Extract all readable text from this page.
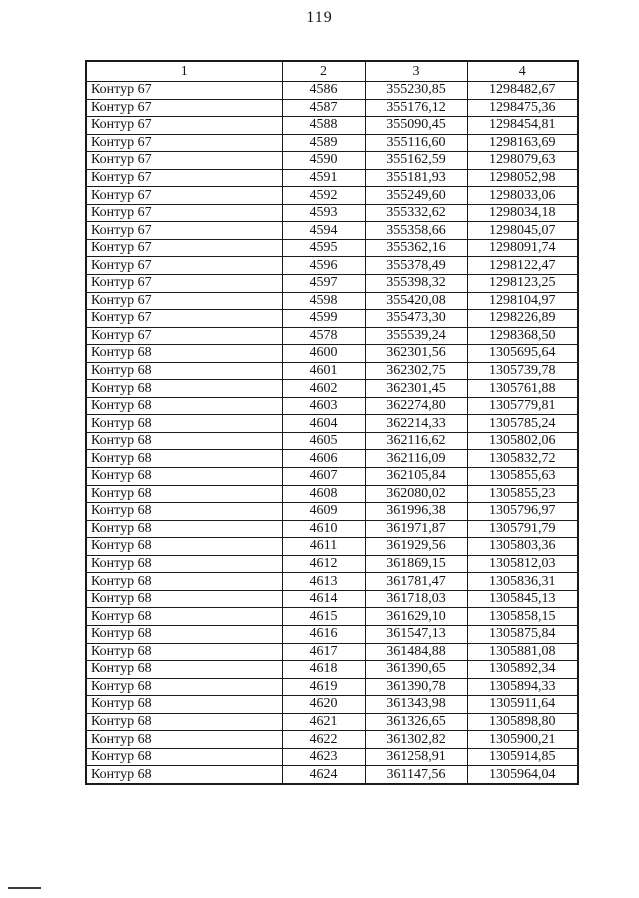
119
1	2	3	4
Контур 67	4586	355230,85	1298482,67
Контур 67	4587	355176,12	1298475,36
Контур 67	4588	355090,45	1298454,81
Контур 67	4589	355116,60	1298163,69
Контур 67	4590	355162,59	1298079,63
Контур 67	4591	355181,93	1298052,98
Контур 67	4592	355249,60	1298033,06
Контур 67	4593	355332,62	1298034,18
Контур 67	4594	355358,66	1298045,07
Контур 67	4595	355362,16	1298091,74
Контур 67	4596	355378,49	1298122,47
Контур 67	4597	355398,32	1298123,25
Контур 67	4598	355420,08	1298104,97
Контур 67	4599	355473,30	1298226,89
Контур 67	4578	355539,24	1298368,50
Контур 68	4600	362301,56	1305695,64
Контур 68	4601	362302,75	1305739,78
Контур 68	4602	362301,45	1305761,88
Контур 68	4603	362274,80	1305779,81
Контур 68	4604	362214,33	1305785,24
Контур 68	4605	362116,62	1305802,06
Контур 68	4606	362116,09	1305832,72
Контур 68	4607	362105,84	1305855,63
Контур 68	4608	362080,02	1305855,23
Контур 68	4609	361996,38	1305796,97
Контур 68	4610	361971,87	1305791,79
Контур 68	4611	361929,56	1305803,36
Контур 68	4612	361869,15	1305812,03
Контур 68	4613	361781,47	1305836,31
Контур 68	4614	361718,03	1305845,13
Контур 68	4615	361629,10	1305858,15
Контур 68	4616	361547,13	1305875,84
Контур 68	4617	361484,88	1305881,08
Контур 68	4618	361390,65	1305892,34
Контур 68	4619	361390,78	1305894,33
Контур 68	4620	361343,98	1305911,64
Контур 68	4621	361326,65	1305898,80
Контур 68	4622	361302,82	1305900,21
Контур 68	4623	361258,91	1305914,85
Контур 68	4624	361147,56	1305964,04
